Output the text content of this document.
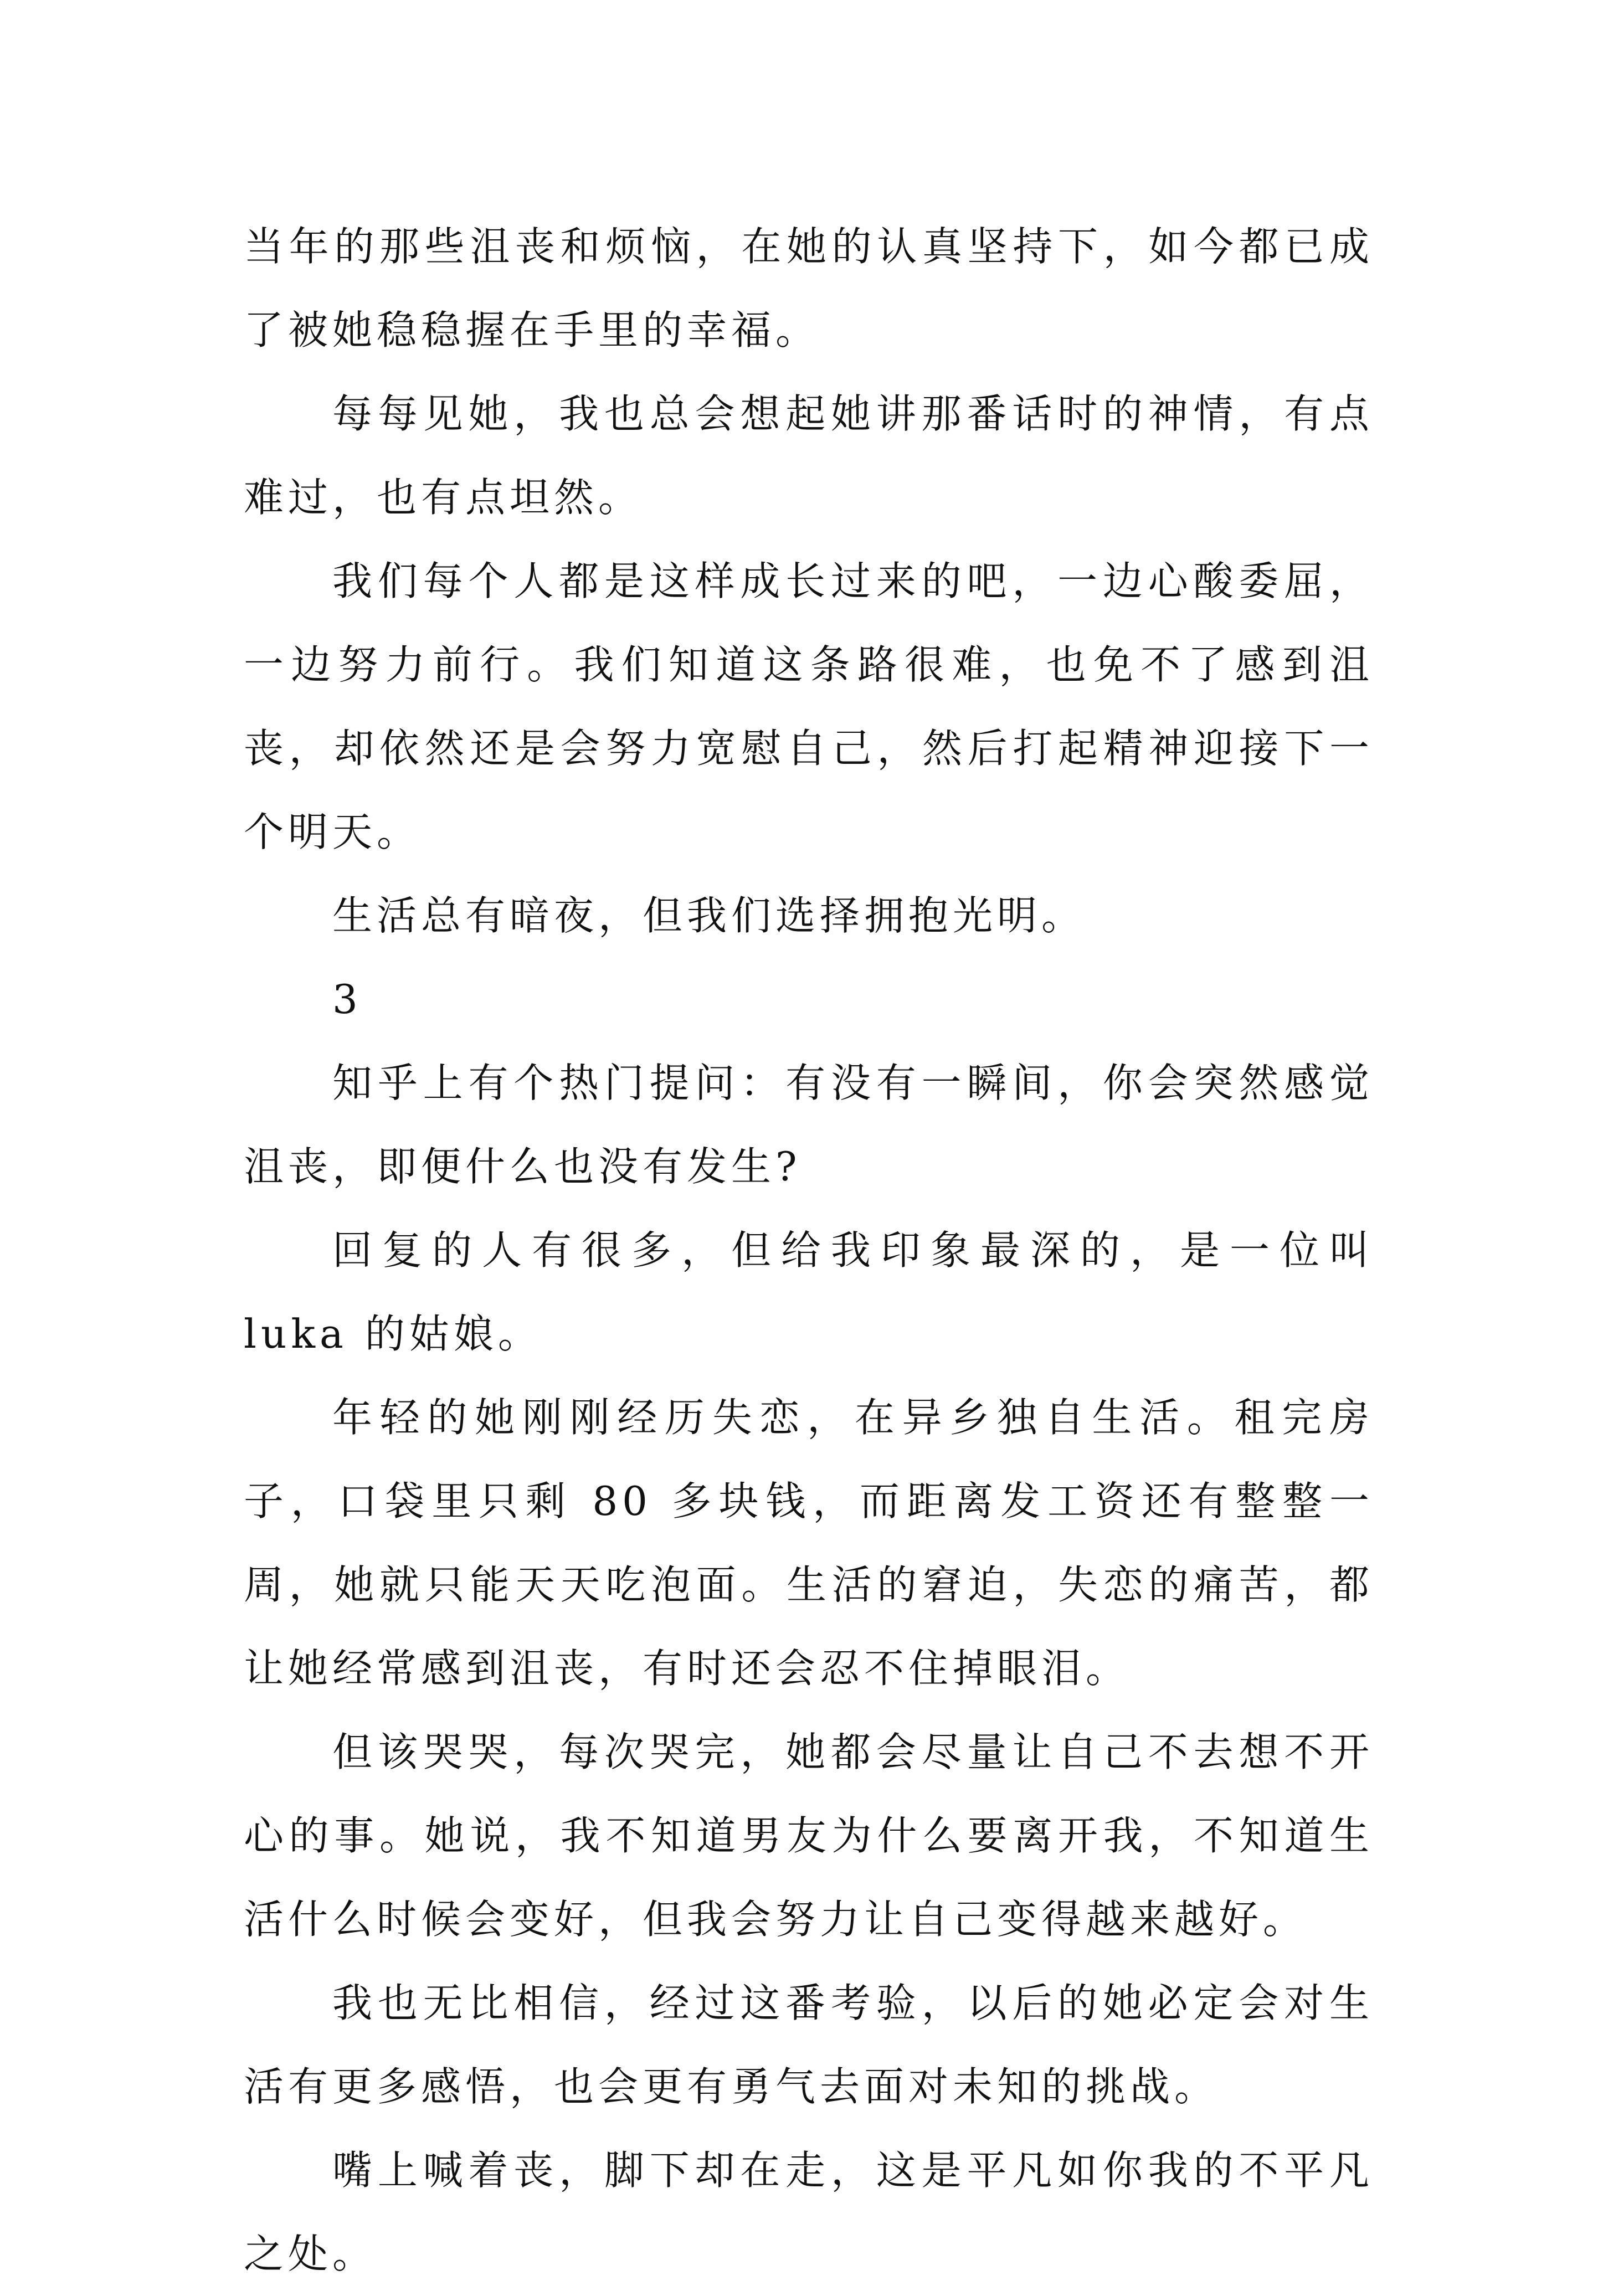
当年的那些沮丧和烦恼，在她的认真坚持下，如今都已成了被她稳稳握在手里的幸福。

每每见她，我也总会想起她讲那番话时的神情，有点难过，也有点坦然。

我们每个人都是这样成长过来的吧，一边心酸委屈，一边努力前行。我们知道这条路很难，也免不了感到沮丧，却依然还是会努力宽慰自己，然后打起精神迎接下一个明天。

生活总有暗夜，但我们选择拥抱光明。

3

知乎上有个热门提问：有没有一瞬间，你会突然感觉沮丧，即便什么也没有发生?

回复的人有很多，但给我印象最深的，是一位叫 luka 的姑娘。

年轻的她刚刚经历失恋，在异乡独自生活。租完房子，口袋里只剩 80 多块钱，而距离发工资还有整整一周，她就只能天天吃泡面。生活的窘迫，失恋的痛苦，都让她经常感到沮丧，有时还会忍不住掉眼泪。

但该哭哭，每次哭完，她都会尽量让自己不去想不开心的事。她说，我不知道男友为什么要离开我，不知道生活什么时候会变好，但我会努力让自己变得越来越好。

我也无比相信，经过这番考验，以后的她必定会对生活有更多感悟，也会更有勇气去面对未知的挑战。

嘴上喊着丧，脚下却在走，这是平凡如你我的不平凡之处。
